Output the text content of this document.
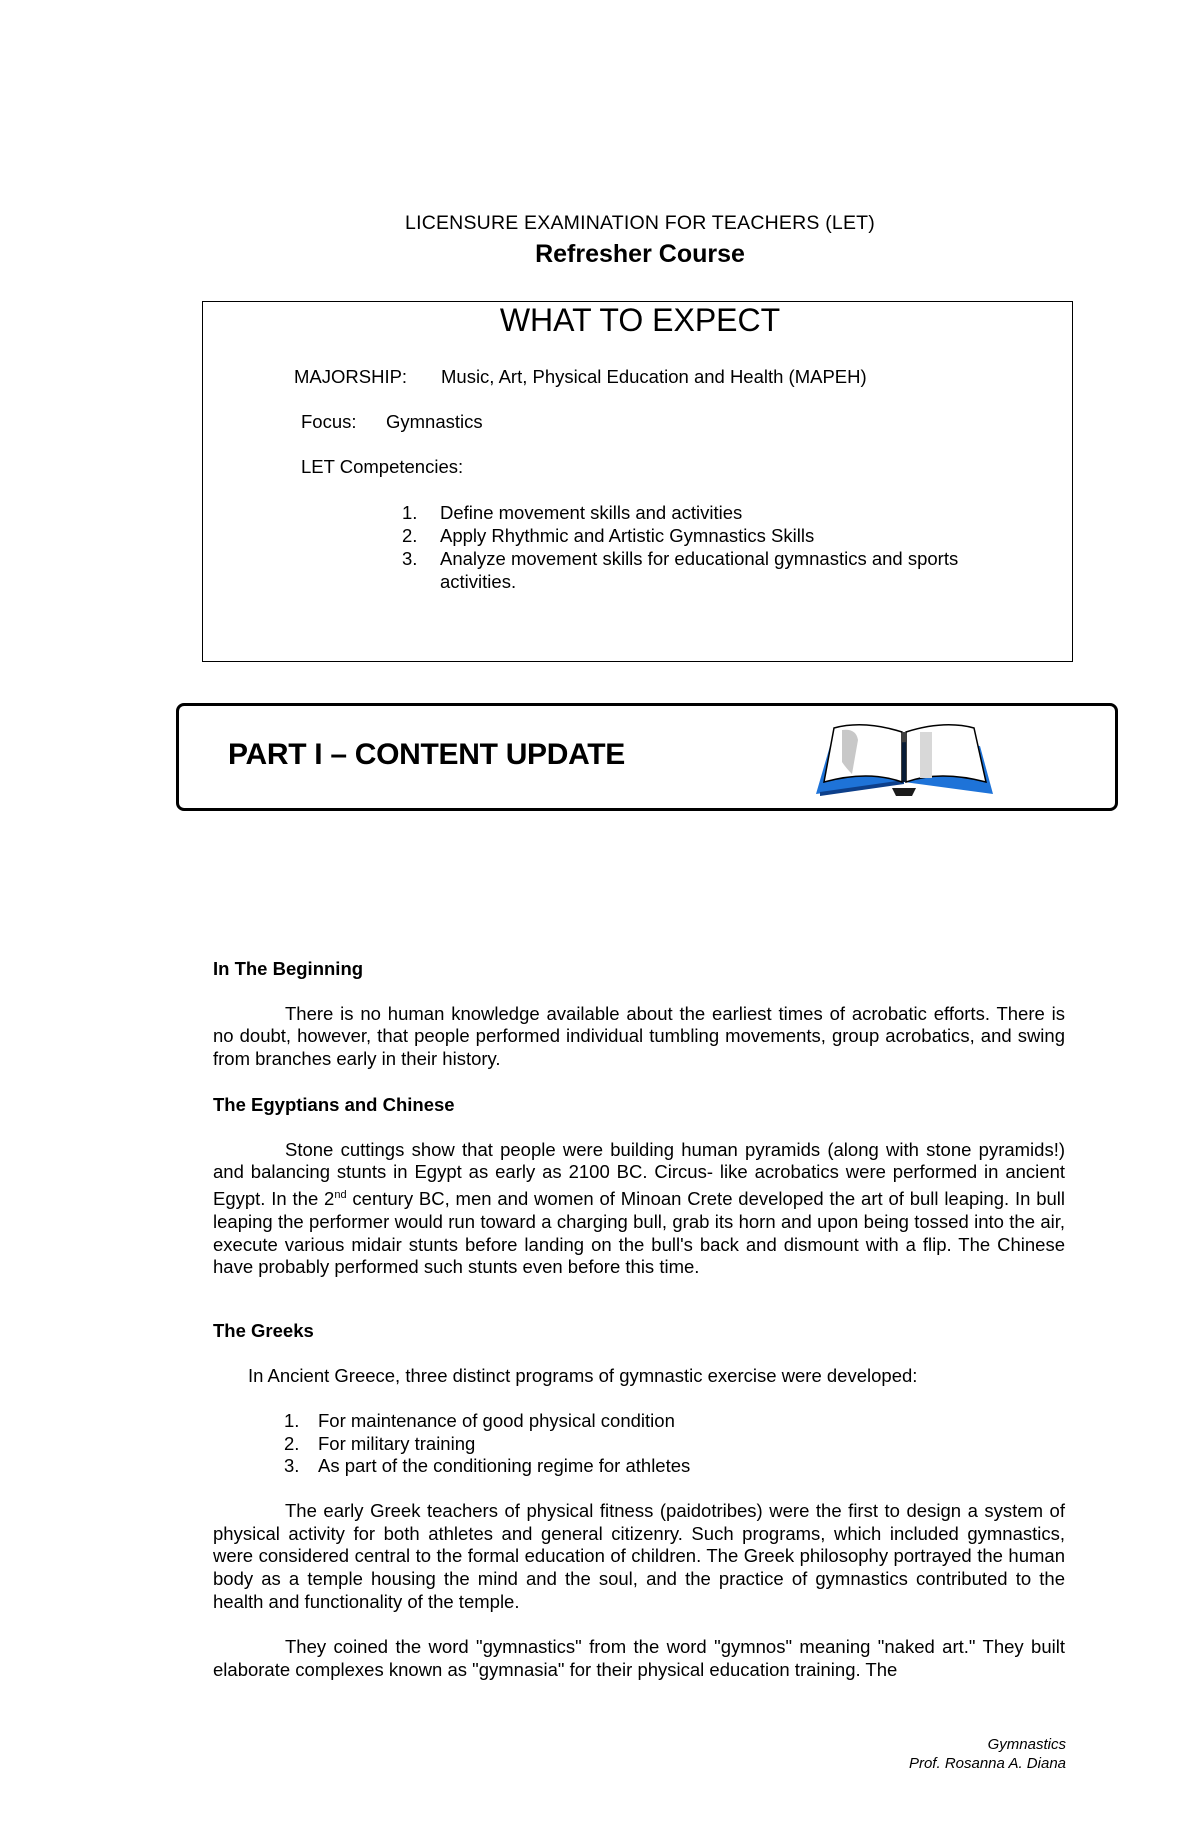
LICENSURE EXAMINATION FOR TEACHERS (LET)
Refresher Course
WHAT TO EXPECT
MAJORSHIP: Music, Art, Physical Education and Health (MAPEH)
Focus: Gymnastics
LET Competencies:
1.	Define movement skills and activities
2.	Apply Rhythmic and Artistic Gymnastics Skills
3.	Analyze movement skills for educational gymnastics and sports activities.
PART I – CONTENT UPDATE
In The Beginning
There is no human knowledge available about the earliest times of acrobatic efforts. There is no doubt, however, that people performed individual tumbling movements, group acrobatics, and swing from branches early in their history.
The Egyptians and Chinese
Stone cuttings show that people were building human pyramids (along with stone pyramids!) and balancing stunts in Egypt as early as 2100 BC. Circus- like acrobatics were performed in ancient Egypt. In the 2nd century BC, men and women of Minoan Crete developed the art of bull leaping. In bull leaping the performer would run toward a charging bull, grab its horn and upon being tossed into the air, execute various midair stunts before landing on the bull's back and dismount with a flip. The Chinese have probably performed such stunts even before this time.
The Greeks
In Ancient Greece, three distinct programs of gymnastic exercise were developed:
1.	For maintenance of good physical condition
2.	For military training
3.	As part of the conditioning regime for athletes
The early Greek teachers of physical fitness (paidotribes) were the first to design a system of physical activity for both athletes and general citizenry. Such programs, which included gymnastics, were considered central to the formal education of children. The Greek philosophy portrayed the human body as a temple housing the mind and the soul, and the practice of gymnastics contributed to the health and functionality of the temple.
They coined the word "gymnastics" from the word "gymnos" meaning "naked art." They built elaborate complexes known as "gymnasia" for their physical education training. The
Gymnastics
Prof. Rosanna A. Diana
